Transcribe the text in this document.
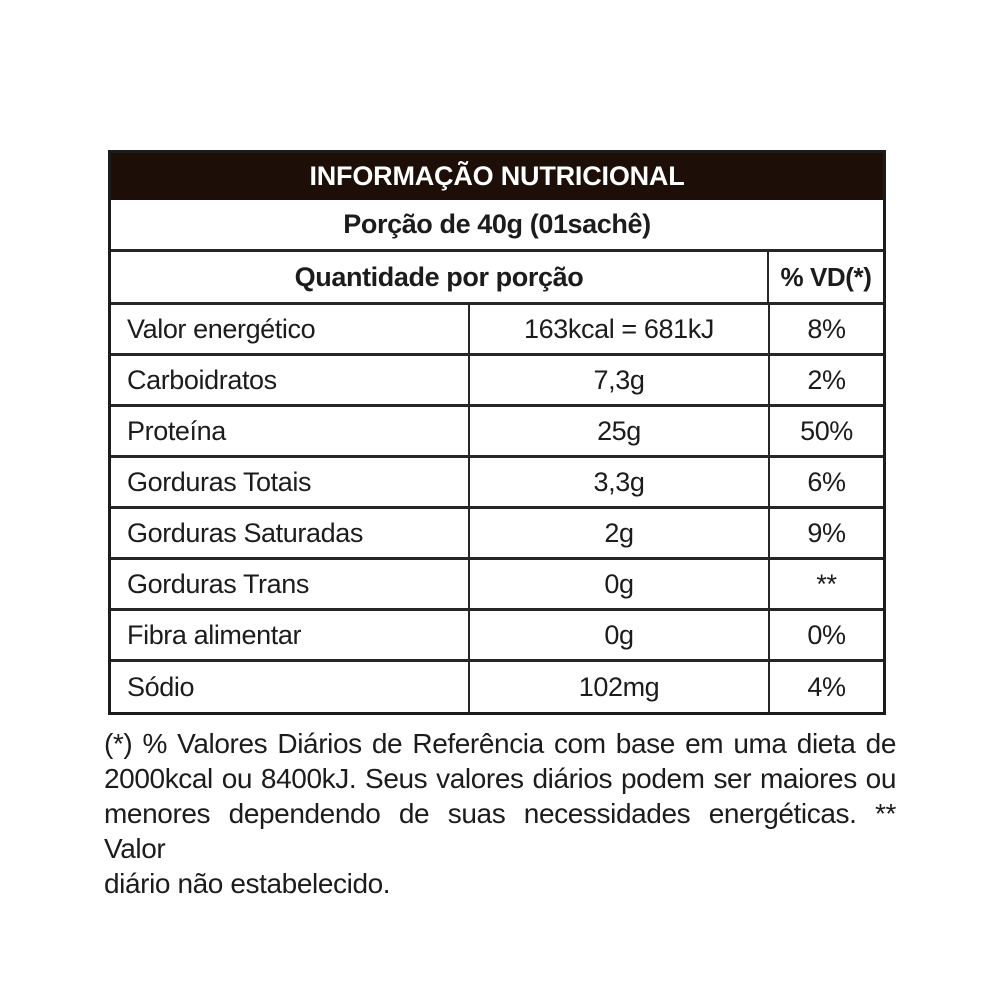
INFORMAÇÃO NUTRICIONAL
Porção de 40g (01sachê)
Quantidade por porção	% VD(*)
Valor energético	163kcal = 681kJ	8%
Carboidratos	7,3g	2%
Proteína	25g	50%
Gorduras Totais	3,3g	6%
Gorduras Saturadas	2g	9%
Gorduras Trans	0g	**
Fibra alimentar	0g	0%
Sódio	102mg	4%
(*) % Valores Diários de Referência com base em uma dieta de
2000kcal ou 8400kJ. Seus valores diários podem ser maiores ou
menores dependendo de suas necessidades energéticas. ** Valor
diário não estabelecido.
